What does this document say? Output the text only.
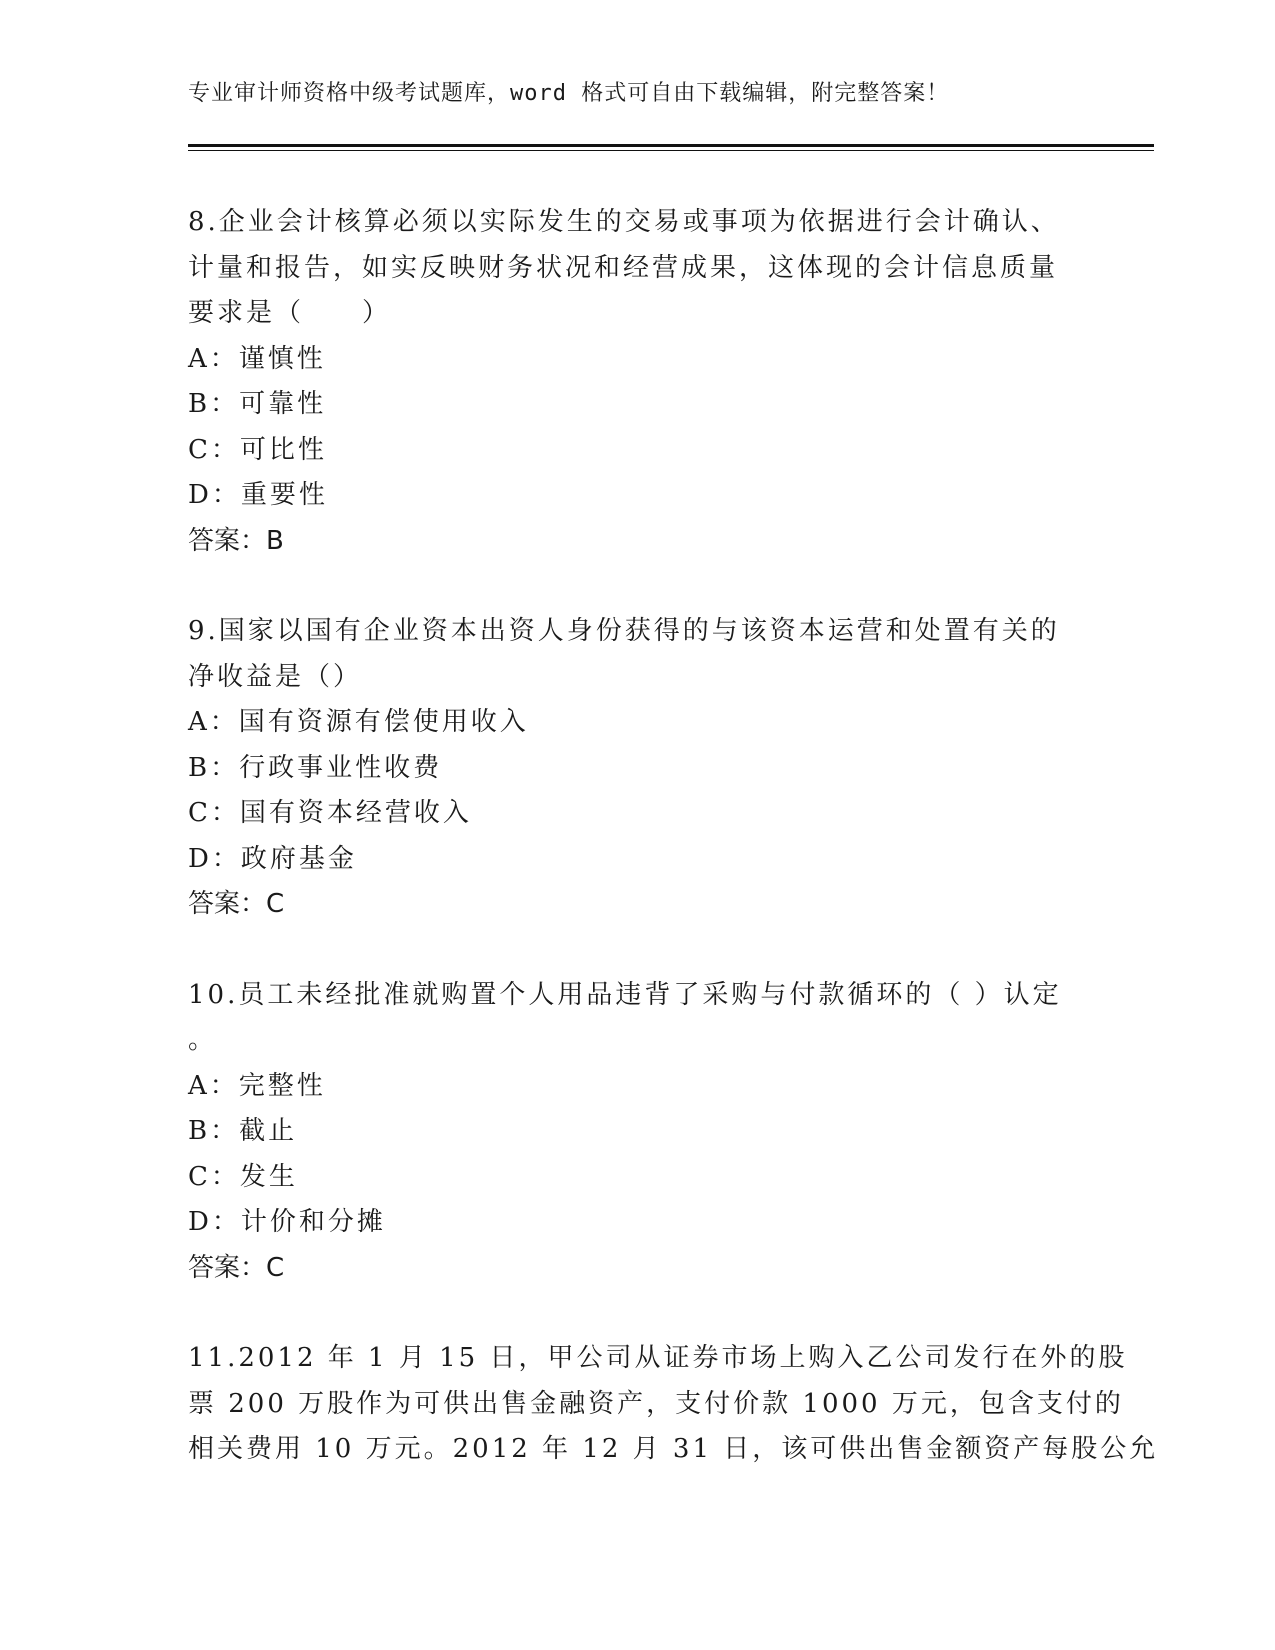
专业审计师资格中级考试题库，word 格式可自由下载编辑，附完整答案！
8.企业会计核算必须以实际发生的交易或事项为依据进行会计确认、
计量和报告，如实反映财务状况和经营成果，这体现的会计信息质量
要求是（　　）
A：谨慎性
B：可靠性
C：可比性
D：重要性
答案：B
9.国家以国有企业资本出资人身份获得的与该资本运营和处置有关的
净收益是（）
A：国有资源有偿使用收入
B：行政事业性收费
C：国有资本经营收入
D：政府基金
答案：C
10.员工未经批准就购置个人用品违背了采购与付款循环的（ ）认定
。
A：完整性
B：截止
C：发生
D：计价和分摊
答案：C
11.2012 年 1 月 15 日，甲公司从证券市场上购入乙公司发行在外的股
票 200 万股作为可供出售金融资产，支付价款 1000 万元，包含支付的
相关费用 10 万元。2012 年 12 月 31 日，该可供出售金额资产每股公允
